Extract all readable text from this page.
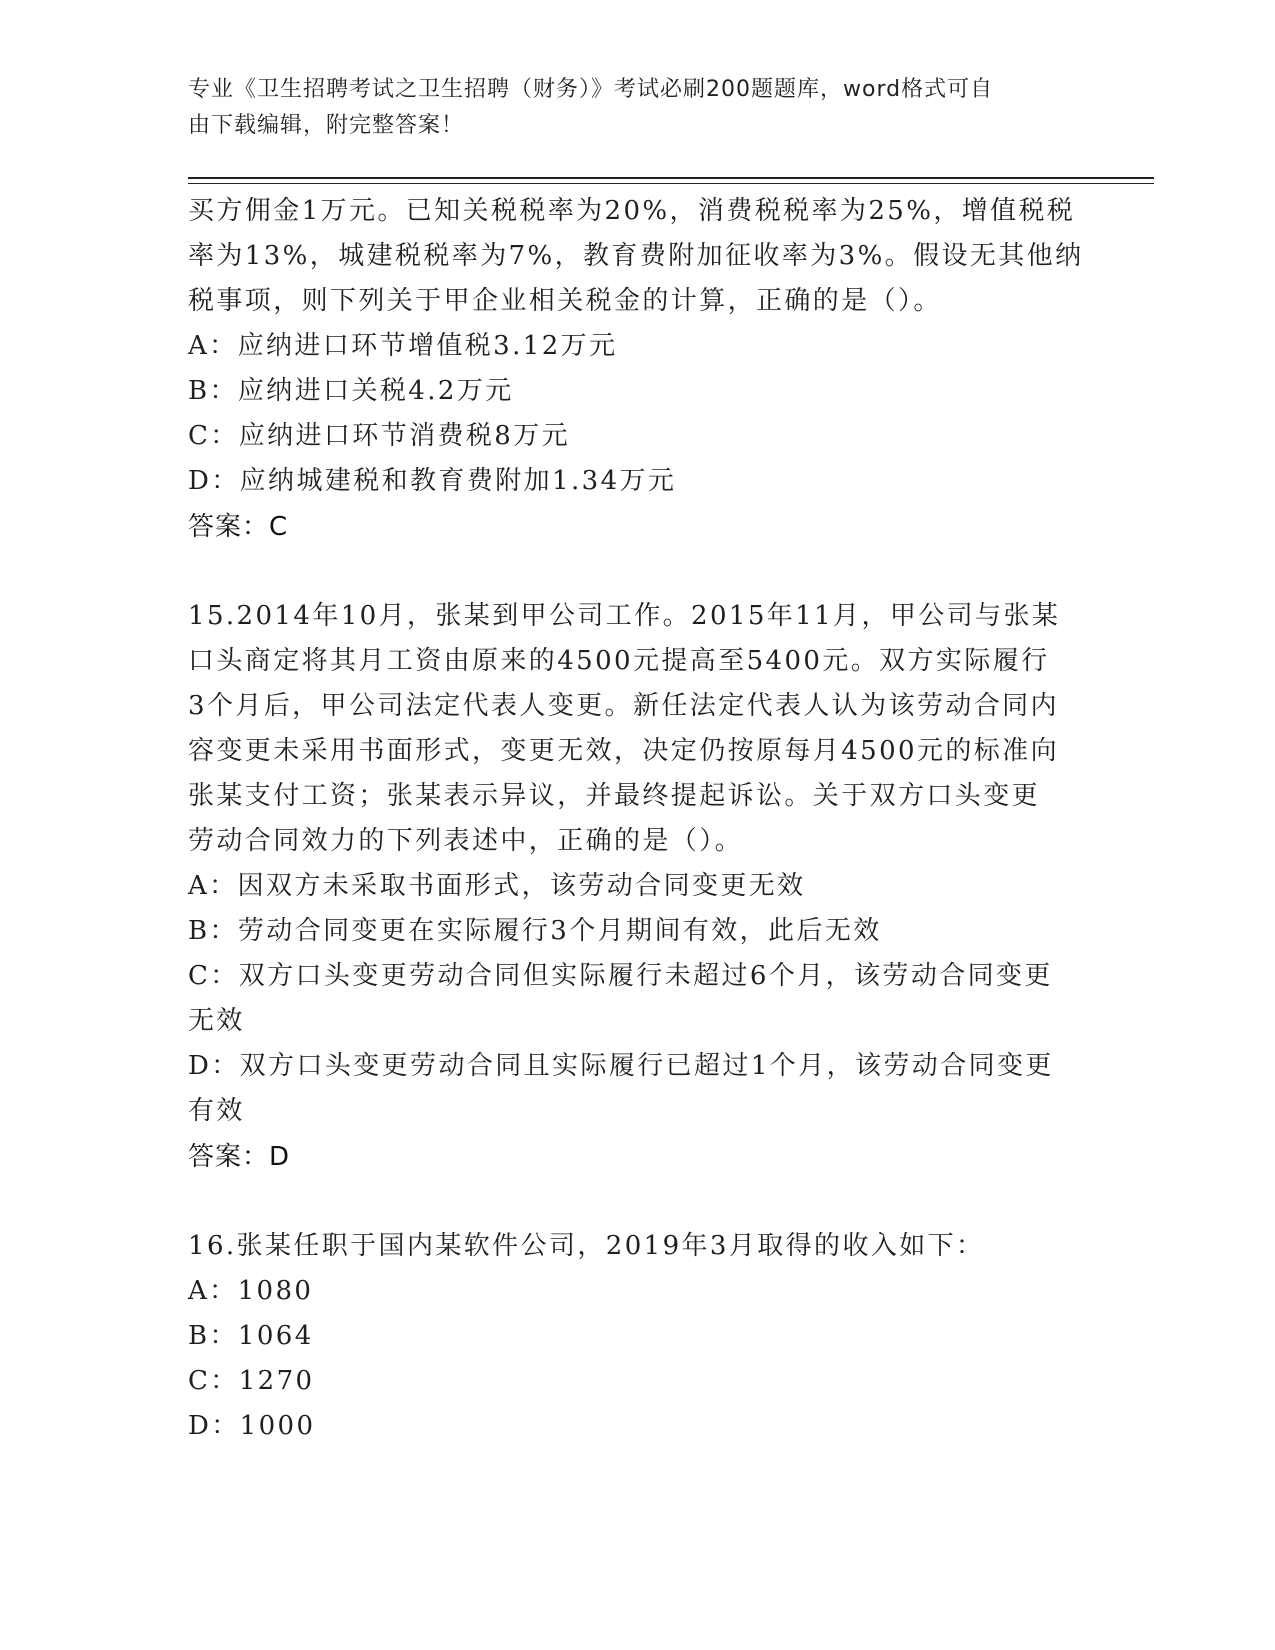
专业《卫生招聘考试之卫生招聘（财务）》考试必刷200题题库，word格式可自
由下载编辑，附完整答案！
买方佣金1万元。已知关税税率为20%，消费税税率为25%，增值税税
率为13%，城建税税率为7%，教育费附加征收率为3%。假设无其他纳
税事项，则下列关于甲企业相关税金的计算，正确的是（）。
A：应纳进口环节增值税3.12万元
B：应纳进口关税4.2万元
C：应纳进口环节消费税8万元
D：应纳城建税和教育费附加1.34万元
答案：C
15.2014年10月，张某到甲公司工作。2015年11月，甲公司与张某
口头商定将其月工资由原来的4500元提高至5400元。双方实际履行
3个月后，甲公司法定代表人变更。新任法定代表人认为该劳动合同内
容变更未采用书面形式，变更无效，决定仍按原每月4500元的标准向
张某支付工资；张某表示异议，并最终提起诉讼。关于双方口头变更
劳动合同效力的下列表述中，正确的是（）。
A：因双方未采取书面形式，该劳动合同变更无效
B：劳动合同变更在实际履行3个月期间有效，此后无效
C：双方口头变更劳动合同但实际履行未超过6个月，该劳动合同变更
无效
D：双方口头变更劳动合同且实际履行已超过1个月，该劳动合同变更
有效
答案：D
16.张某任职于国内某软件公司，2019年3月取得的收入如下：
A：1080
B：1064
C：1270
D：1000
